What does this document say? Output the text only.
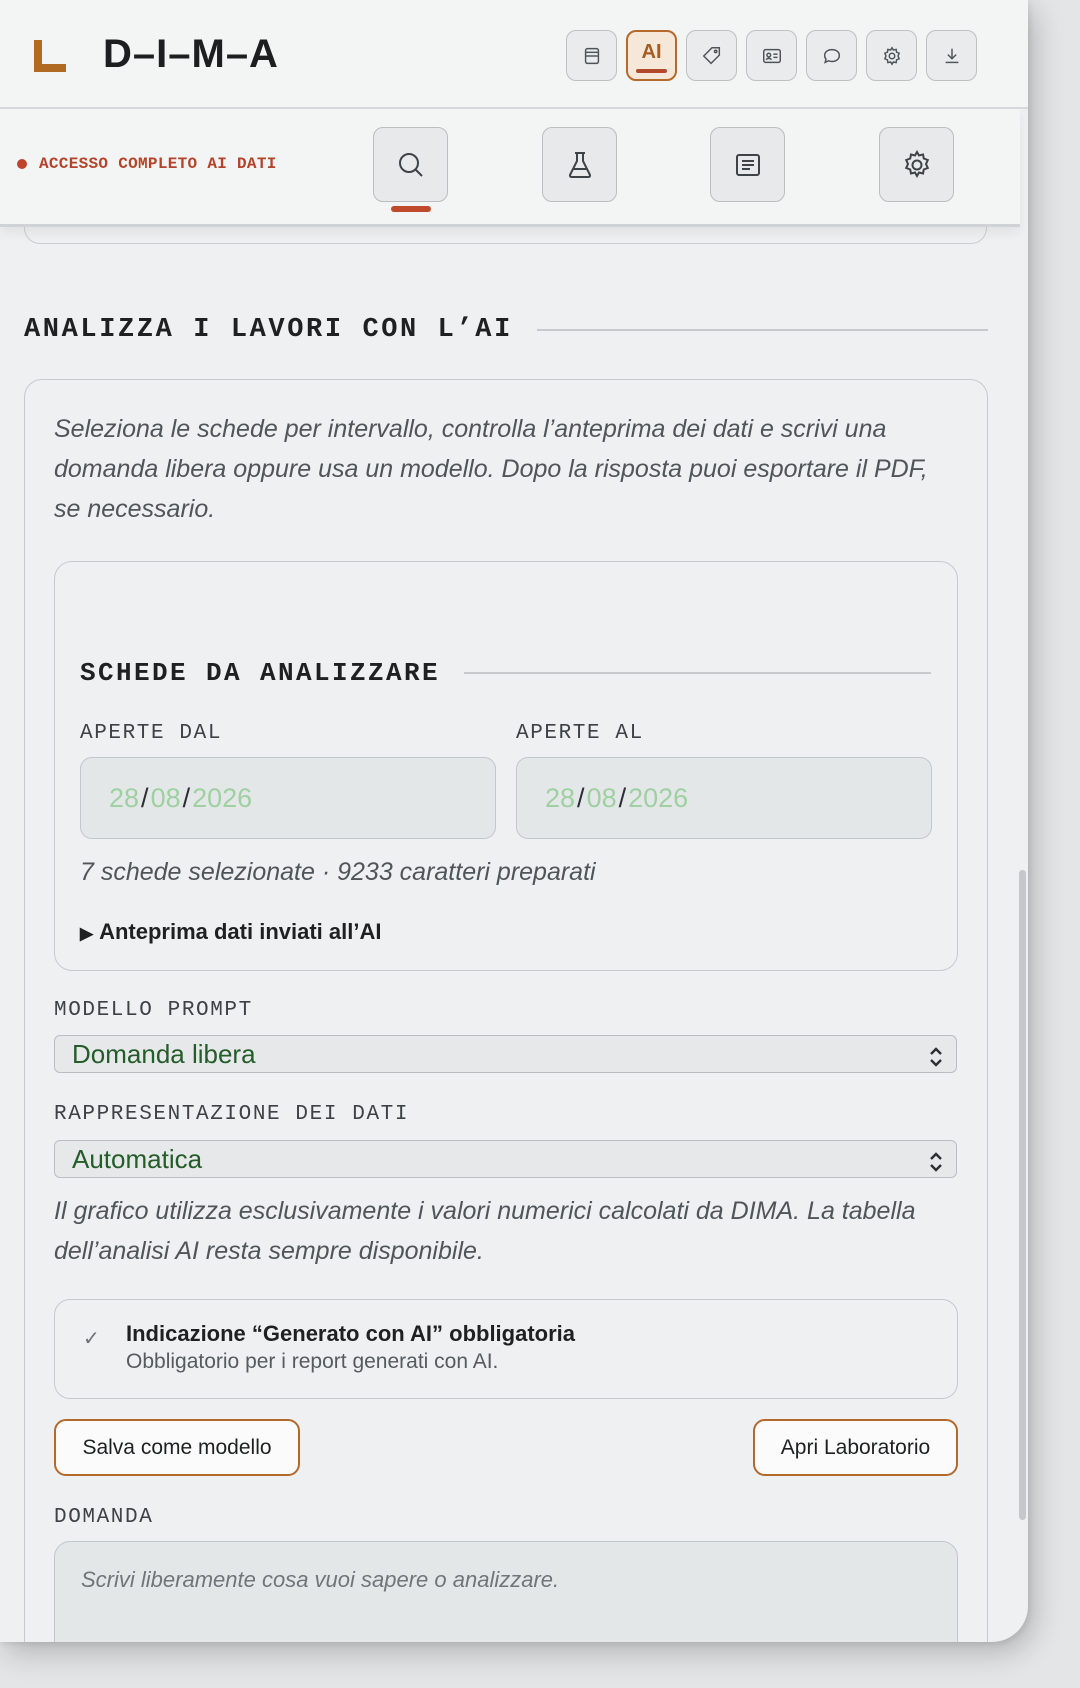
D–I–M–A	AI
ACCESSO COMPLETO AI DATI
ANALIZZA I LAVORI CON L’AI
Seleziona le schede per intervallo, controlla l’anteprima dei dati e scrivi una domanda libera oppure usa un modello. Dopo la risposta puoi esportare il PDF, se necessario.
SCHEDE DA ANALIZZARE
APERTE DAL	APERTE AL
28 / 08 / 2026	28 / 08 / 2026
7 schede selezionate · 9233 caratteri preparati
▶ Anteprima dati inviati all’AI
MODELLO PROMPT
Domanda libera
RAPPRESENTAZIONE DEI DATI
Automatica
Il grafico utilizza esclusivamente i valori numerici calcolati da DIMA. La tabella dell’analisi AI resta sempre disponibile.
✓ Indicazione “Generato con AI” obbligatoria
Obbligatorio per i report generati con AI.
Salva come modello	Apri Laboratorio
DOMANDA
Scrivi liberamente cosa vuoi sapere o analizzare.
